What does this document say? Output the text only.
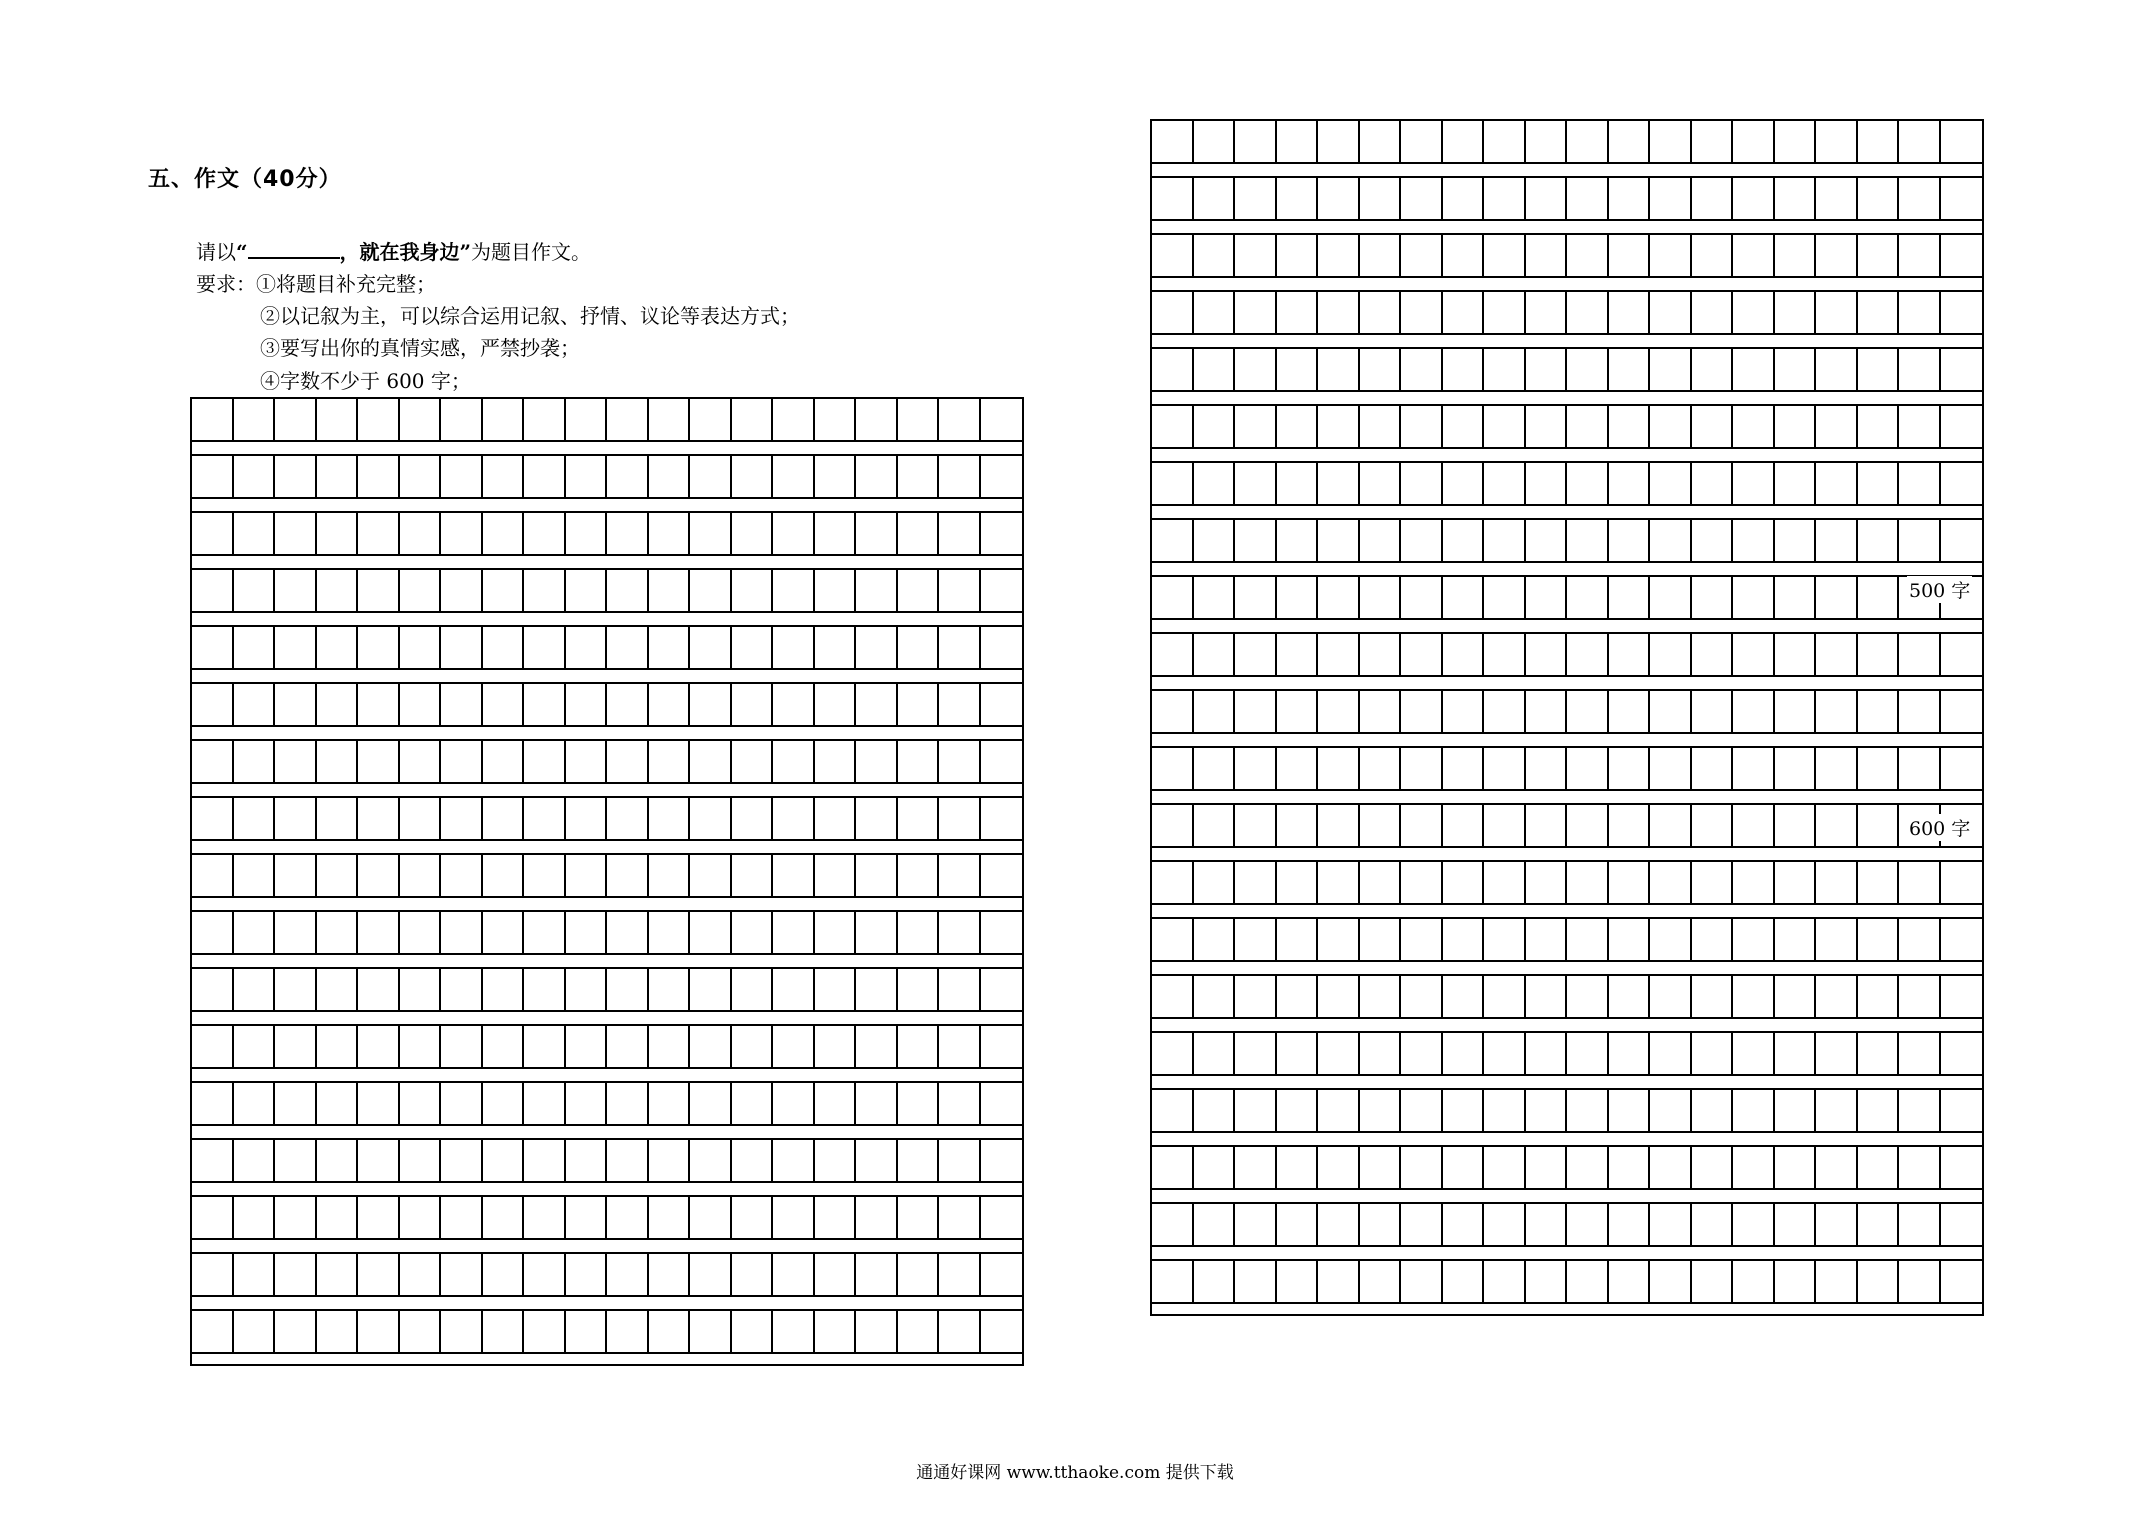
五、作文（40分）
请以“	，就在我身边”为题目作文。
要求：①将题目补充完整；
②以记叙为主，可以综合运用记叙、抒情、议论等表达方式；
③要写出你的真情实感，严禁抄袭；
④字数不少于 600 字；
500 字
600 字
通通好课网 www.tthaoke.com 提供下载
